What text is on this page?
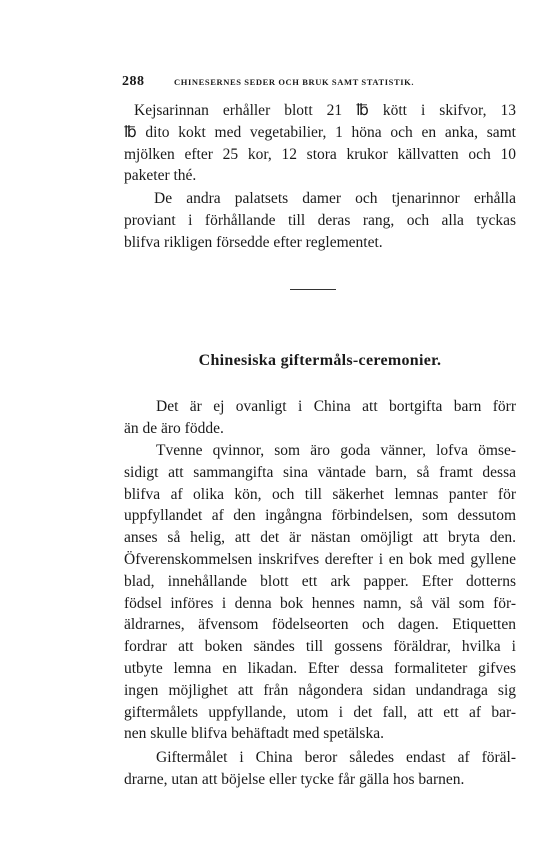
288	CHINESERNES SEDER OCH BRUK SAMT STATISTIK.

Kejsarinnan erhåller blott 21 ℔ kött i skifvor, 13
℔ dito kokt med vegetabilier, 1 höna och en anka, samt
mjölken efter 25 kor, 12 stora krukor källvatten och 10
paketer thé.

De andra palatsets damer och tjenarinnor erhålla
proviant i förhållande till deras rang, och alla tyckas
blifva rikligen försedde efter reglementet.

Chinesiska giftermåls-ceremonier.

Det är ej ovanligt i China att bortgifta barn förr
än de äro födde.

Tvenne qvinnor, som äro goda vänner, lofva ömse-
sidigt att sammangifta sina väntade barn, så framt dessa
blifva af olika kön, och till säkerhet lemnas panter för
uppfyllandet af den ingångna förbindelsen, som dessutom
anses så helig, att det är nästan omöjligt att bryta den.
Öfverenskommelsen inskrifves derefter i en bok med gyllene
blad, innehållande blott ett ark papper. Efter dotterns
födsel införes i denna bok hennes namn, så väl som för-
äldrarnes, äfvensom födelseorten och dagen. Etiquetten
fordrar att boken sändes till gossens föräldrar, hvilka i
utbyte lemna en likadan. Efter dessa formaliteter gifves
ingen möjlighet att från någondera sidan undandraga sig
giftermålets uppfyllande, utom i det fall, att ett af bar-
nen skulle blifva behäftadt med spetälska.

Giftermålet i China beror således endast af föräl-
drarne, utan att böjelse eller tycke får gälla hos barnen.
